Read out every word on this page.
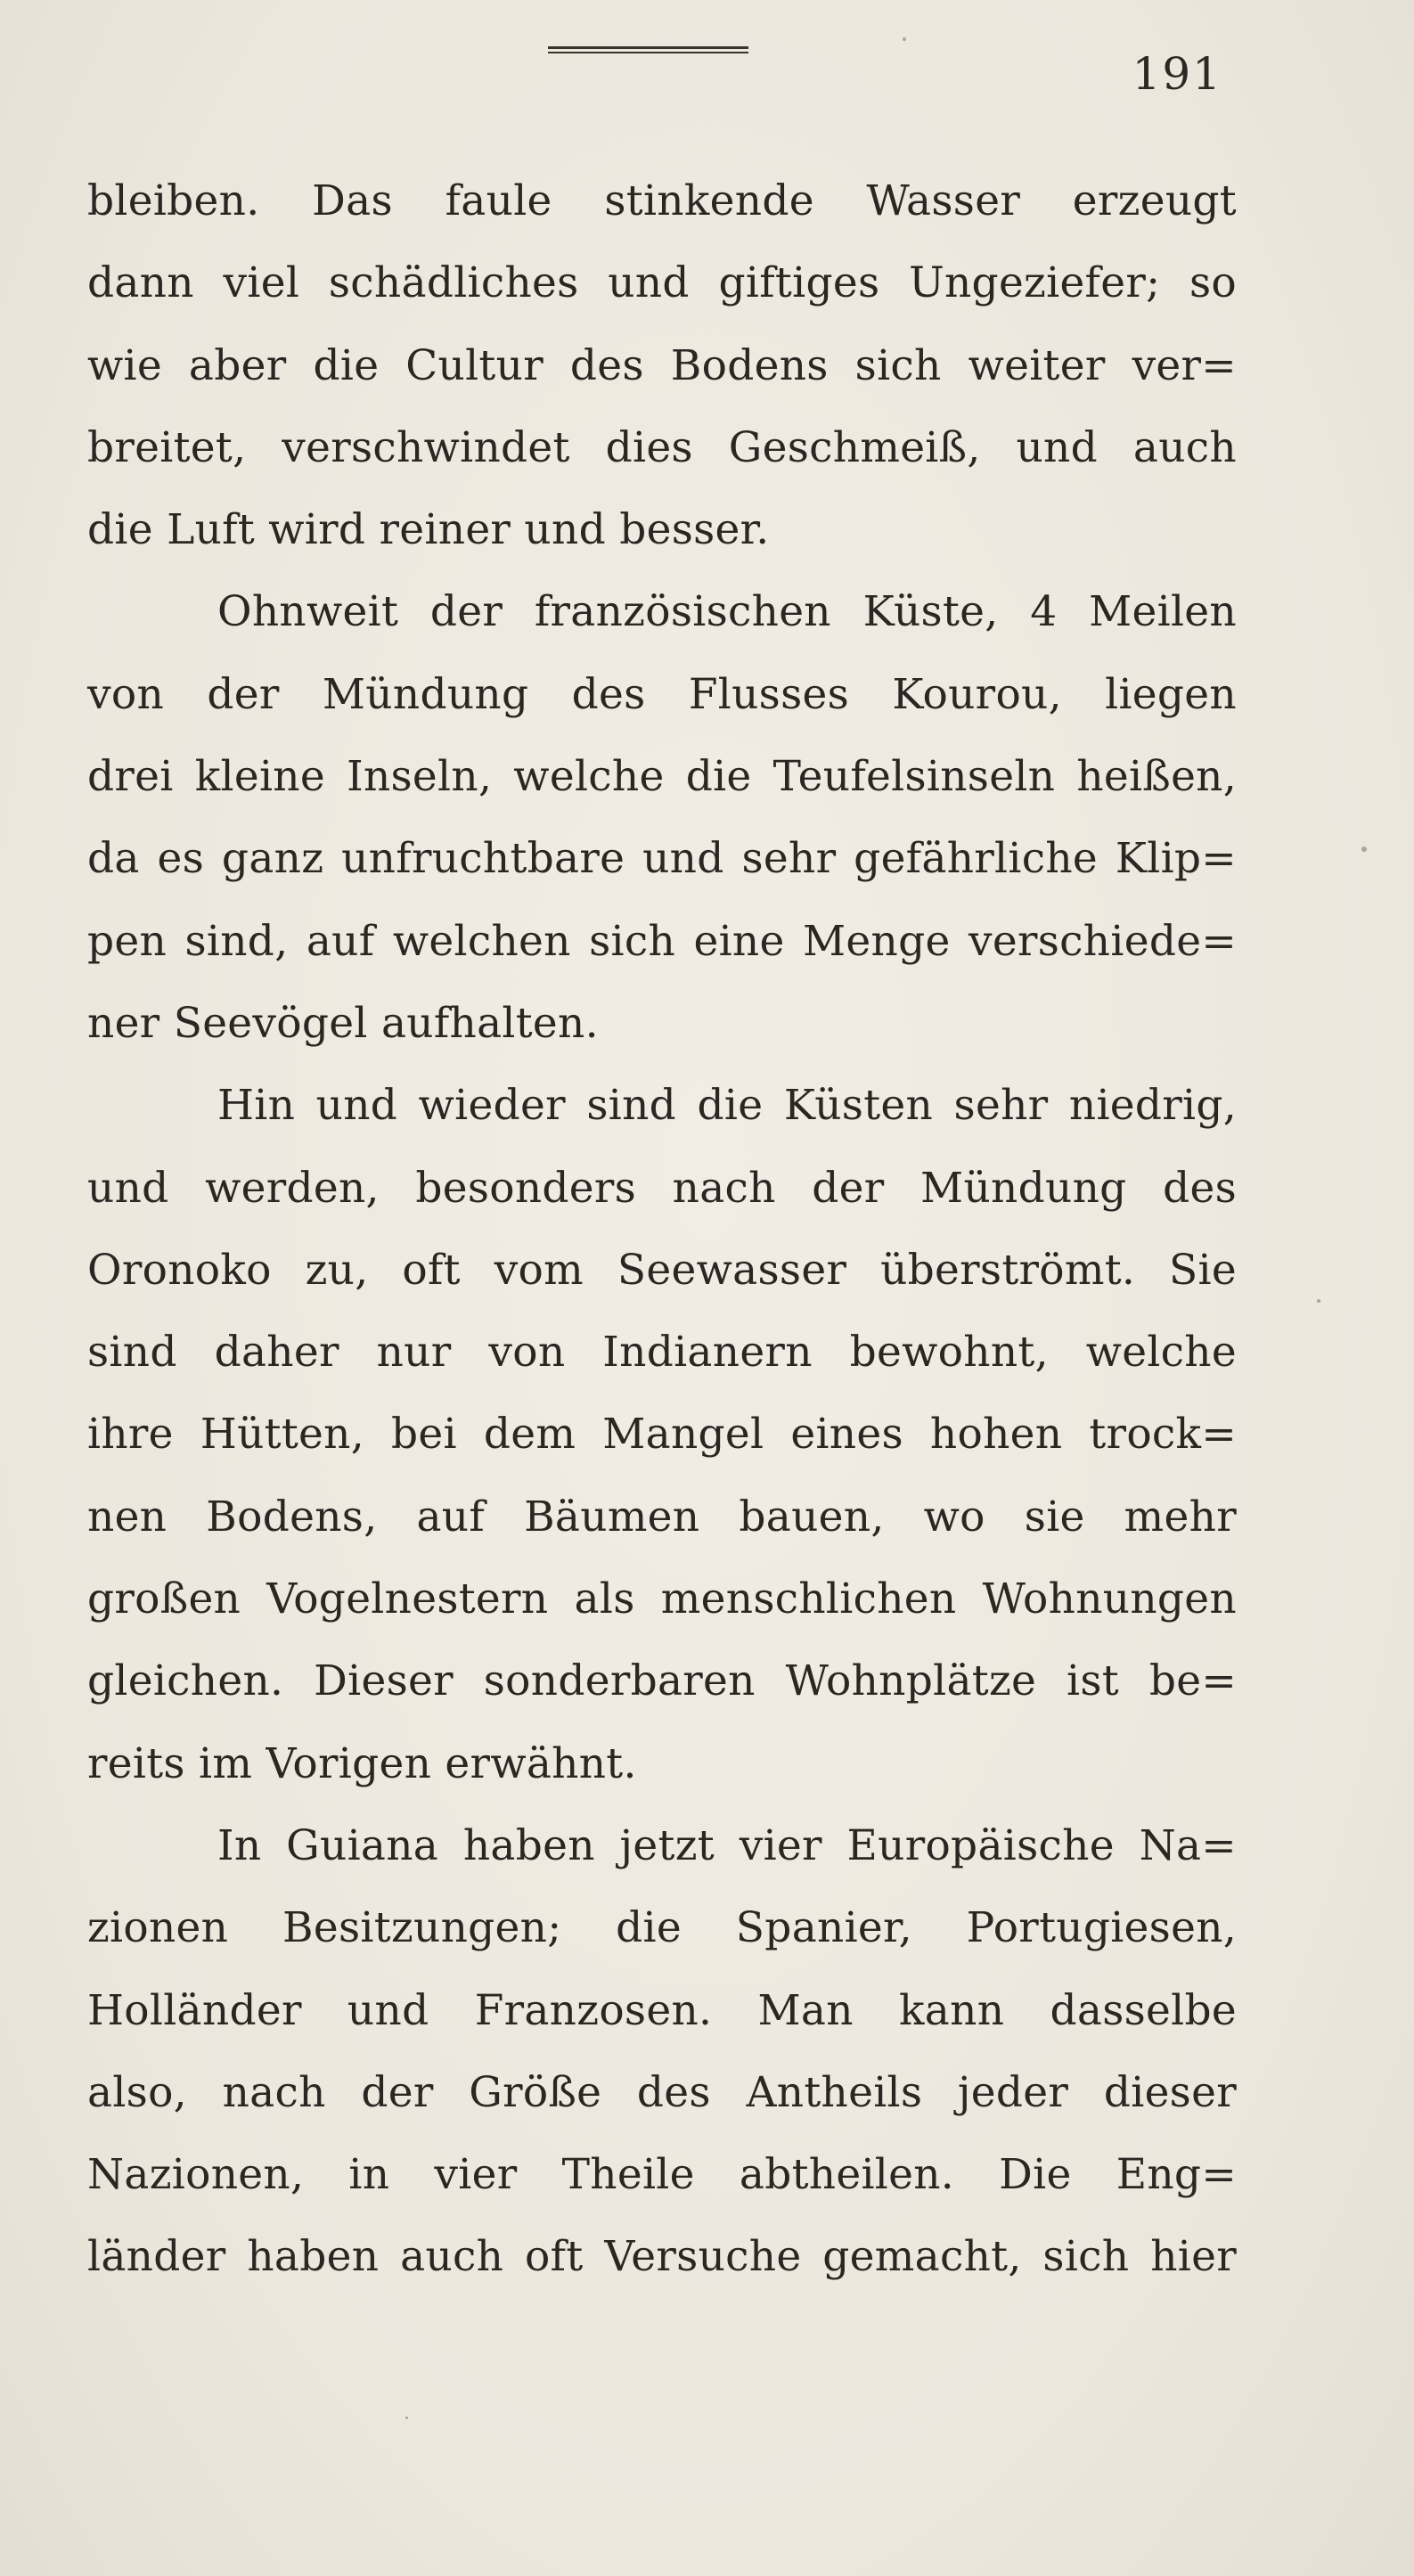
191
bleiben. Das faule stinkende Wasser erzeugt
dann viel schädliches und giftiges Ungeziefer; so
wie aber die Cultur des Bodens sich weiter ver=
breitet, verschwindet dies Geschmeiß, und auch
die Luft wird reiner und besser.
Ohnweit der französischen Küste, 4 Meilen
von der Mündung des Flusses Kourou, liegen
drei kleine Inseln, welche die Teufelsinseln heißen,
da es ganz unfruchtbare und sehr gefährliche Klip=
pen sind, auf welchen sich eine Menge verschiede=
ner Seevögel aufhalten.
Hin und wieder sind die Küsten sehr niedrig,
und werden, besonders nach der Mündung des
Oronoko zu, oft vom Seewasser überströmt. Sie
sind daher nur von Indianern bewohnt, welche
ihre Hütten, bei dem Mangel eines hohen trock=
nen Bodens, auf Bäumen bauen, wo sie mehr
großen Vogelnestern als menschlichen Wohnungen
gleichen. Dieser sonderbaren Wohnplätze ist be=
reits im Vorigen erwähnt.
In Guiana haben jetzt vier Europäische Na=
zionen Besitzungen; die Spanier, Portugiesen,
Holländer und Franzosen. Man kann dasselbe
also, nach der Größe des Antheils jeder dieser
Nazionen, in vier Theile abtheilen. Die Eng=
länder haben auch oft Versuche gemacht, sich hier
